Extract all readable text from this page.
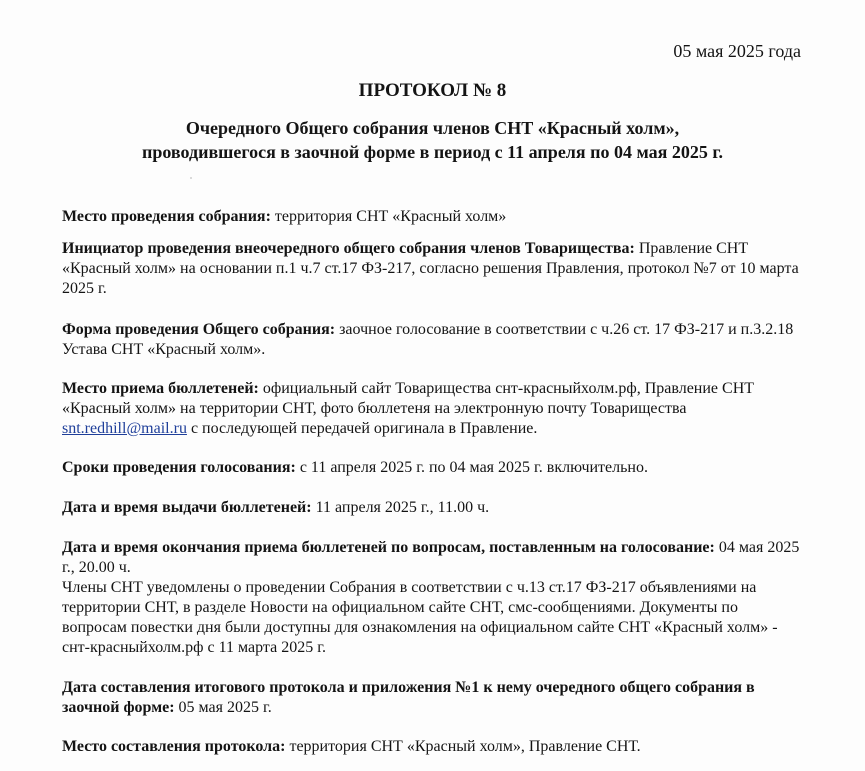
05 мая 2025 года
ПРОТОКОЛ № 8
Очередного Общего собрания членов СНТ «Красный холм»,
проводившегося в заочной форме в период с 11 апреля по 04 мая 2025 г.

Место проведения собрания: территория СНТ «Красный холм»

Инициатор проведения внеочередного общего собрания членов Товарищества: Правление СНТ «Красный холм» на основании п.1 ч.7 ст.17 ФЗ-217, согласно решения Правления, протокол №7 от 10 марта 2025 г.

Форма проведения Общего собрания: заочное голосование в соответствии с ч.26 ст. 17 ФЗ-217 и п.3.2.18 Устава СНТ «Красный холм».

Место приема бюллетеней: официальный сайт Товарищества снт-красныйхолм.рф, Правление СНТ «Красный холм» на территории СНТ, фото бюллетеня на электронную почту Товарищества snt.redhill@mail.ru с последующей передачей оригинала в Правление.

Сроки проведения голосования: с 11 апреля 2025 г. по 04 мая 2025 г. включительно.

Дата и время выдачи бюллетеней: 11 апреля 2025 г., 11.00 ч.

Дата и время окончания приема бюллетеней по вопросам, поставленным на голосование: 04 мая 2025 г., 20.00 ч.
Члены СНТ уведомлены о проведении Собрания в соответствии с ч.13 ст.17 ФЗ-217 объявлениями на территории СНТ, в разделе Новости на официальном сайте СНТ, смс-сообщениями. Документы по вопросам повестки дня были доступны для ознакомления на официальном сайте СНТ «Красный холм» - снт-красныйхолм.рф с 11 марта 2025 г.

Дата составления итогового протокола и приложения №1 к нему очередного общего собрания в заочной форме: 05 мая 2025 г.

Место составления протокола: территория СНТ «Красный холм», Правление СНТ.
